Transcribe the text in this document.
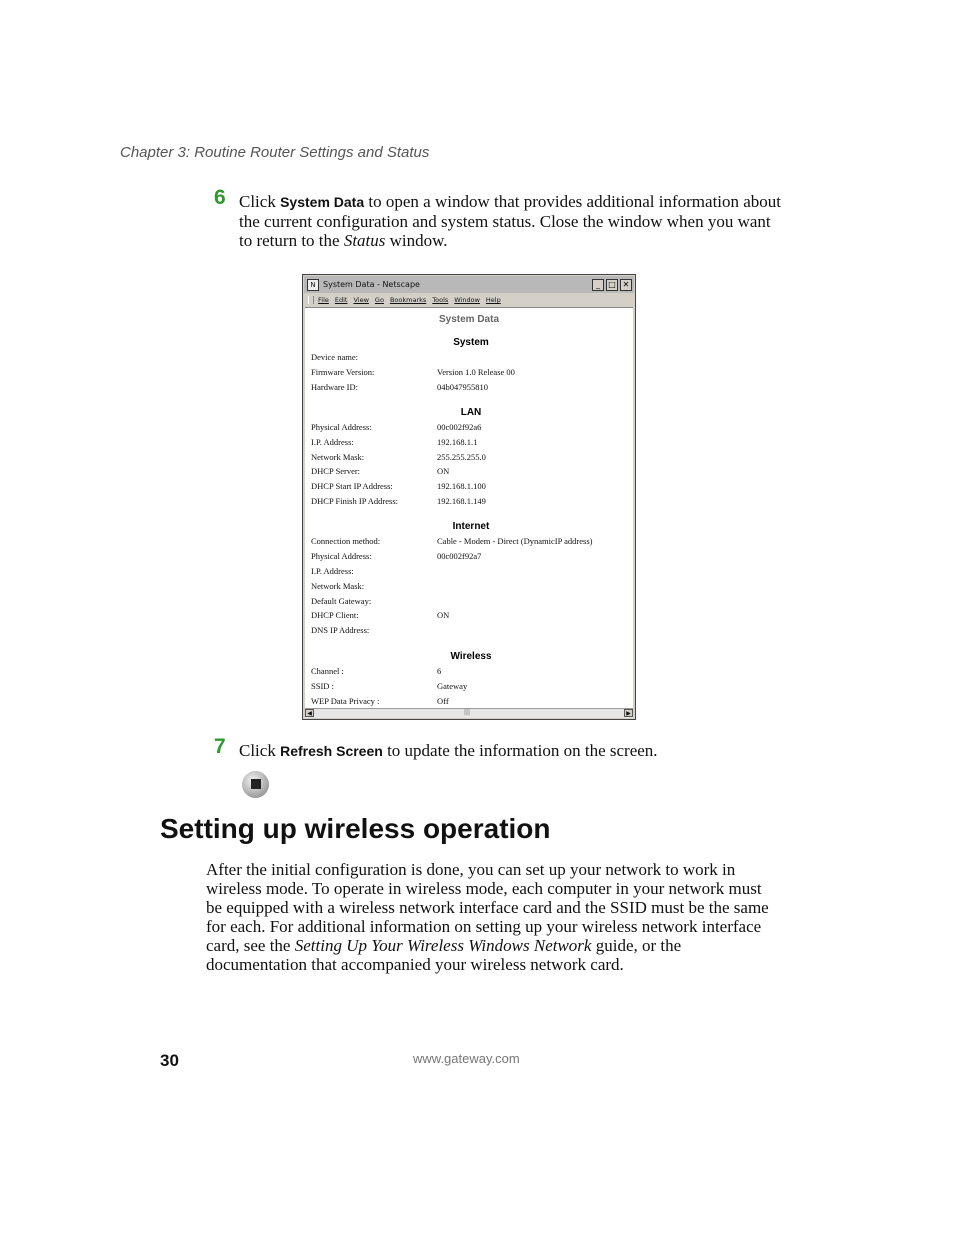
Chapter 3: Routine Router Settings and Status
6 Click System Data to open a window that provides additional information about the current configuration and system status. Close the window when you want to return to the Status window.
N System Data - Netscape	_	□ ✕
File Edit View Go Bookmarks Tools Window Help
System Data
System
Device name:
Firmware Version:	Version 1.0 Release 00
Hardware ID:	04b047955810
LAN
Physical Address:	00c002f92a6
I.P. Address:	192.168.1.1
Network Mask:	255.255.255.0
DHCP Server:	ON
DHCP Start IP Address:	192.168.1.100
DHCP Finish IP Address:	192.168.1.149
Internet
Connection method:	Cable - Modem - Direct (DynamicIP address)
Physical Address:	00c002f92a7
I.P. Address:
Network Mask:
Default Gateway:
DHCP Client:	ON
DNS IP Address:
Wireless
Channel :	6
SSID :	Gateway
WEP Data Privacy :	Off
◀	|||	▶
7 Click Refresh Screen to update the information on the screen.
Setting up wireless operation

After the initial configuration is done, you can set up your network to work in wireless mode. To operate in wireless mode, each computer in your network must be equipped with a wireless network interface card and the SSID must be the same for each. For additional information on setting up your wireless network interface card, see the Setting Up Your Wireless Windows Network guide, or the documentation that accompanied your wireless network card.

30	www.gateway.com
